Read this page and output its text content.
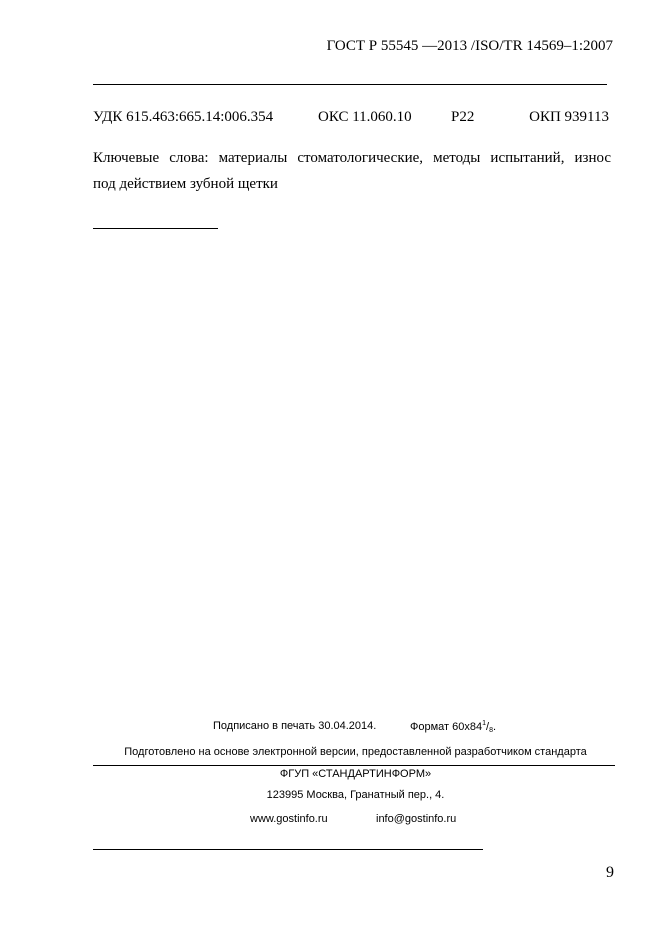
ГОСТ Р 55545 —2013 /ISO/TR 14569–1:2007
УДК 615.463:665.14:006.354	ОКС 11.060.10	Р22	ОКП 939113
Ключевые слова: материалы стоматологические, методы испытаний, износ
под действием зубной щетки
Подписано в печать 30.04.2014.	Формат $60x84^1/_8$.
Подготовлено на основе электронной версии, предоставленной разработчиком стандарта
ФГУП «СТАНДАРТИНФОРМ»
123995 Москва, Гранатный пер., 4.
www.gostinfo.ru	info@gostinfo.ru
9
